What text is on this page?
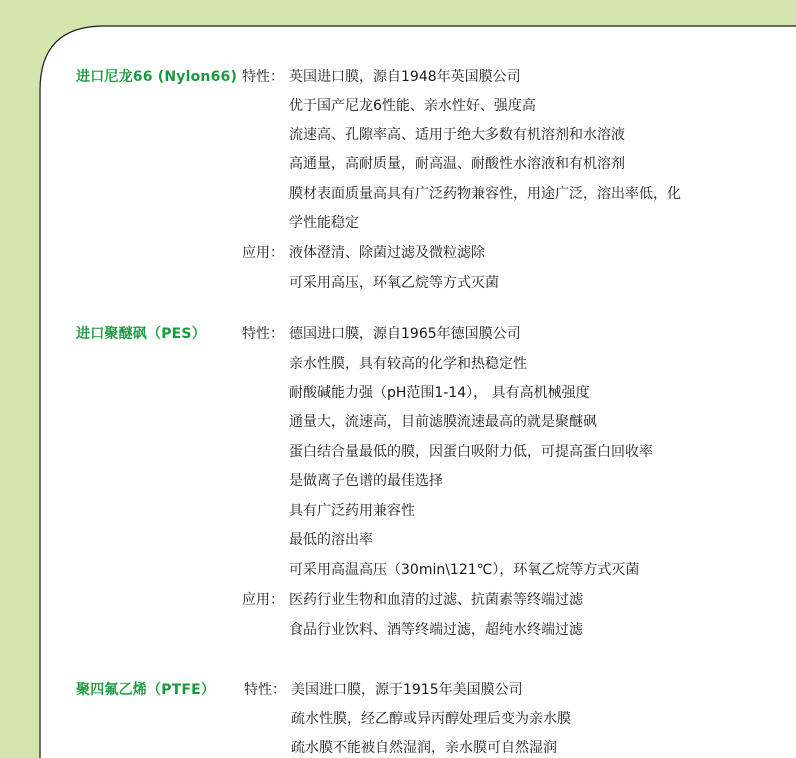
进口尼龙66 (Nylon66) 特性： 英国进口膜，源自1948年英国膜公司
优于国产尼龙6性能、亲水性好、强度高
流速高、孔隙率高、适用于绝大多数有机溶剂和水溶液
高通量，高耐质量，耐高温、耐酸性水溶液和有机溶剂
膜材表面质量高具有广泛药物兼容性，用途广泛，溶出率低，化
学性能稳定
应用： 液体澄清、除菌过滤及微粒滤除
可采用高压，环氧乙烷等方式灭菌
进口聚醚砜（PES）	特性： 德国进口膜，源自1965年德国膜公司
亲水性膜，具有较高的化学和热稳定性
耐酸碱能力强（pH范围1-14）， 具有高机械强度
通量大，流速高，目前滤膜流速最高的就是聚醚砜
蛋白结合量最低的膜，因蛋白吸附力低，可提高蛋白回收率
是做离子色谱的最佳选择
具有广泛药用兼容性
最低的溶出率
可采用高温高压（30min\121℃），环氧乙烷等方式灭菌
应用： 医药行业生物和血清的过滤、抗菌素等终端过滤
食品行业饮料、酒等终端过滤，超纯水终端过滤
聚四氟乙烯（PTFE） 特性： 美国进口膜，源于1915年美国膜公司
疏水性膜，经乙醇或异丙醇处理后变为亲水膜
疏水膜不能被自然湿润，亲水膜可自然湿润
